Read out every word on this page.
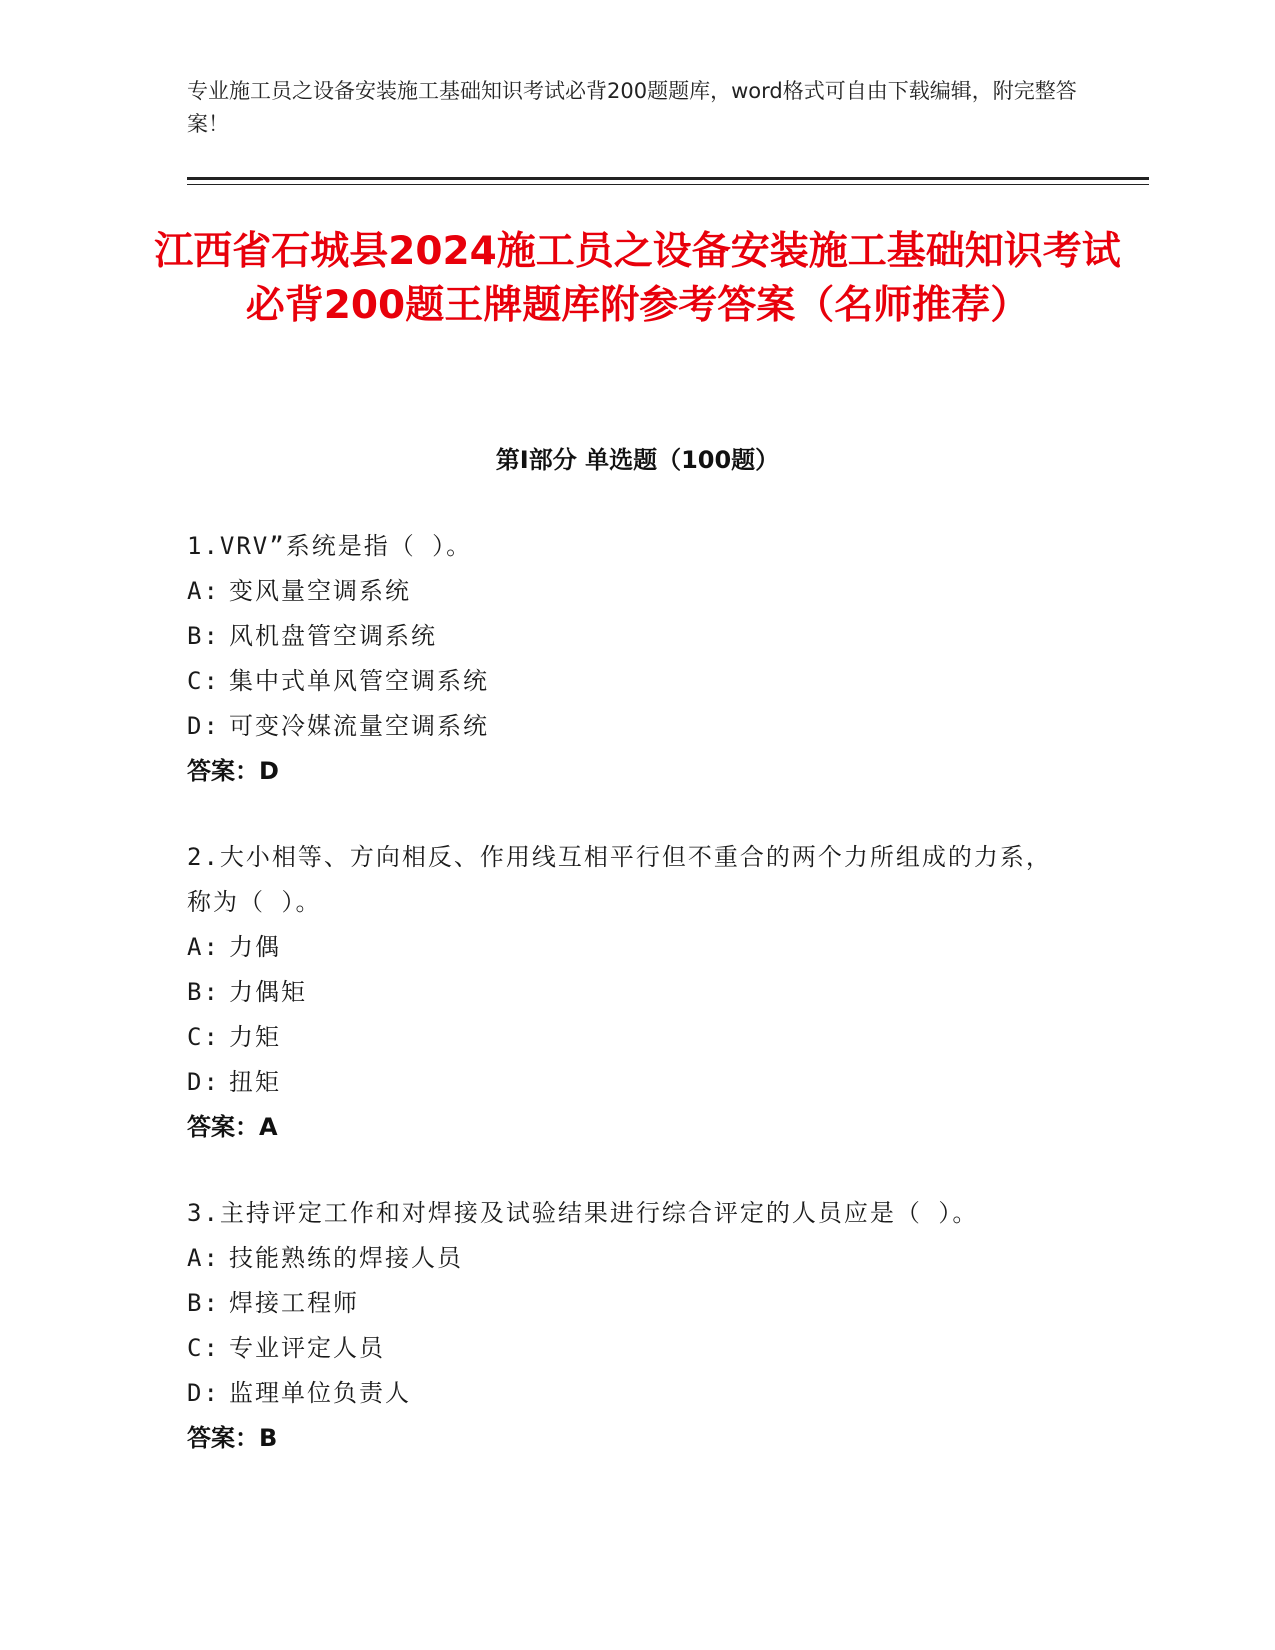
专业施工员之设备安装施工基础知识考试必背200题题库，word格式可自由下载编辑，附完整答案！
江西省石城县2024施工员之设备安装施工基础知识考试必背200题王牌题库附参考答案（名师推荐）
第I部分 单选题（100题）
1.VRV”系统是指（ ）。
A: 变风量空调系统
B: 风机盘管空调系统
C: 集中式单风管空调系统
D: 可变冷媒流量空调系统
答案：D
2.大小相等、方向相反、作用线互相平行但不重合的两个力所组成的力系，称为（ ）。
A: 力偶
B: 力偶矩
C: 力矩
D: 扭矩
答案：A
3.主持评定工作和对焊接及试验结果进行综合评定的人员应是（ ）。
A: 技能熟练的焊接人员
B: 焊接工程师
C: 专业评定人员
D: 监理单位负责人
答案：B
